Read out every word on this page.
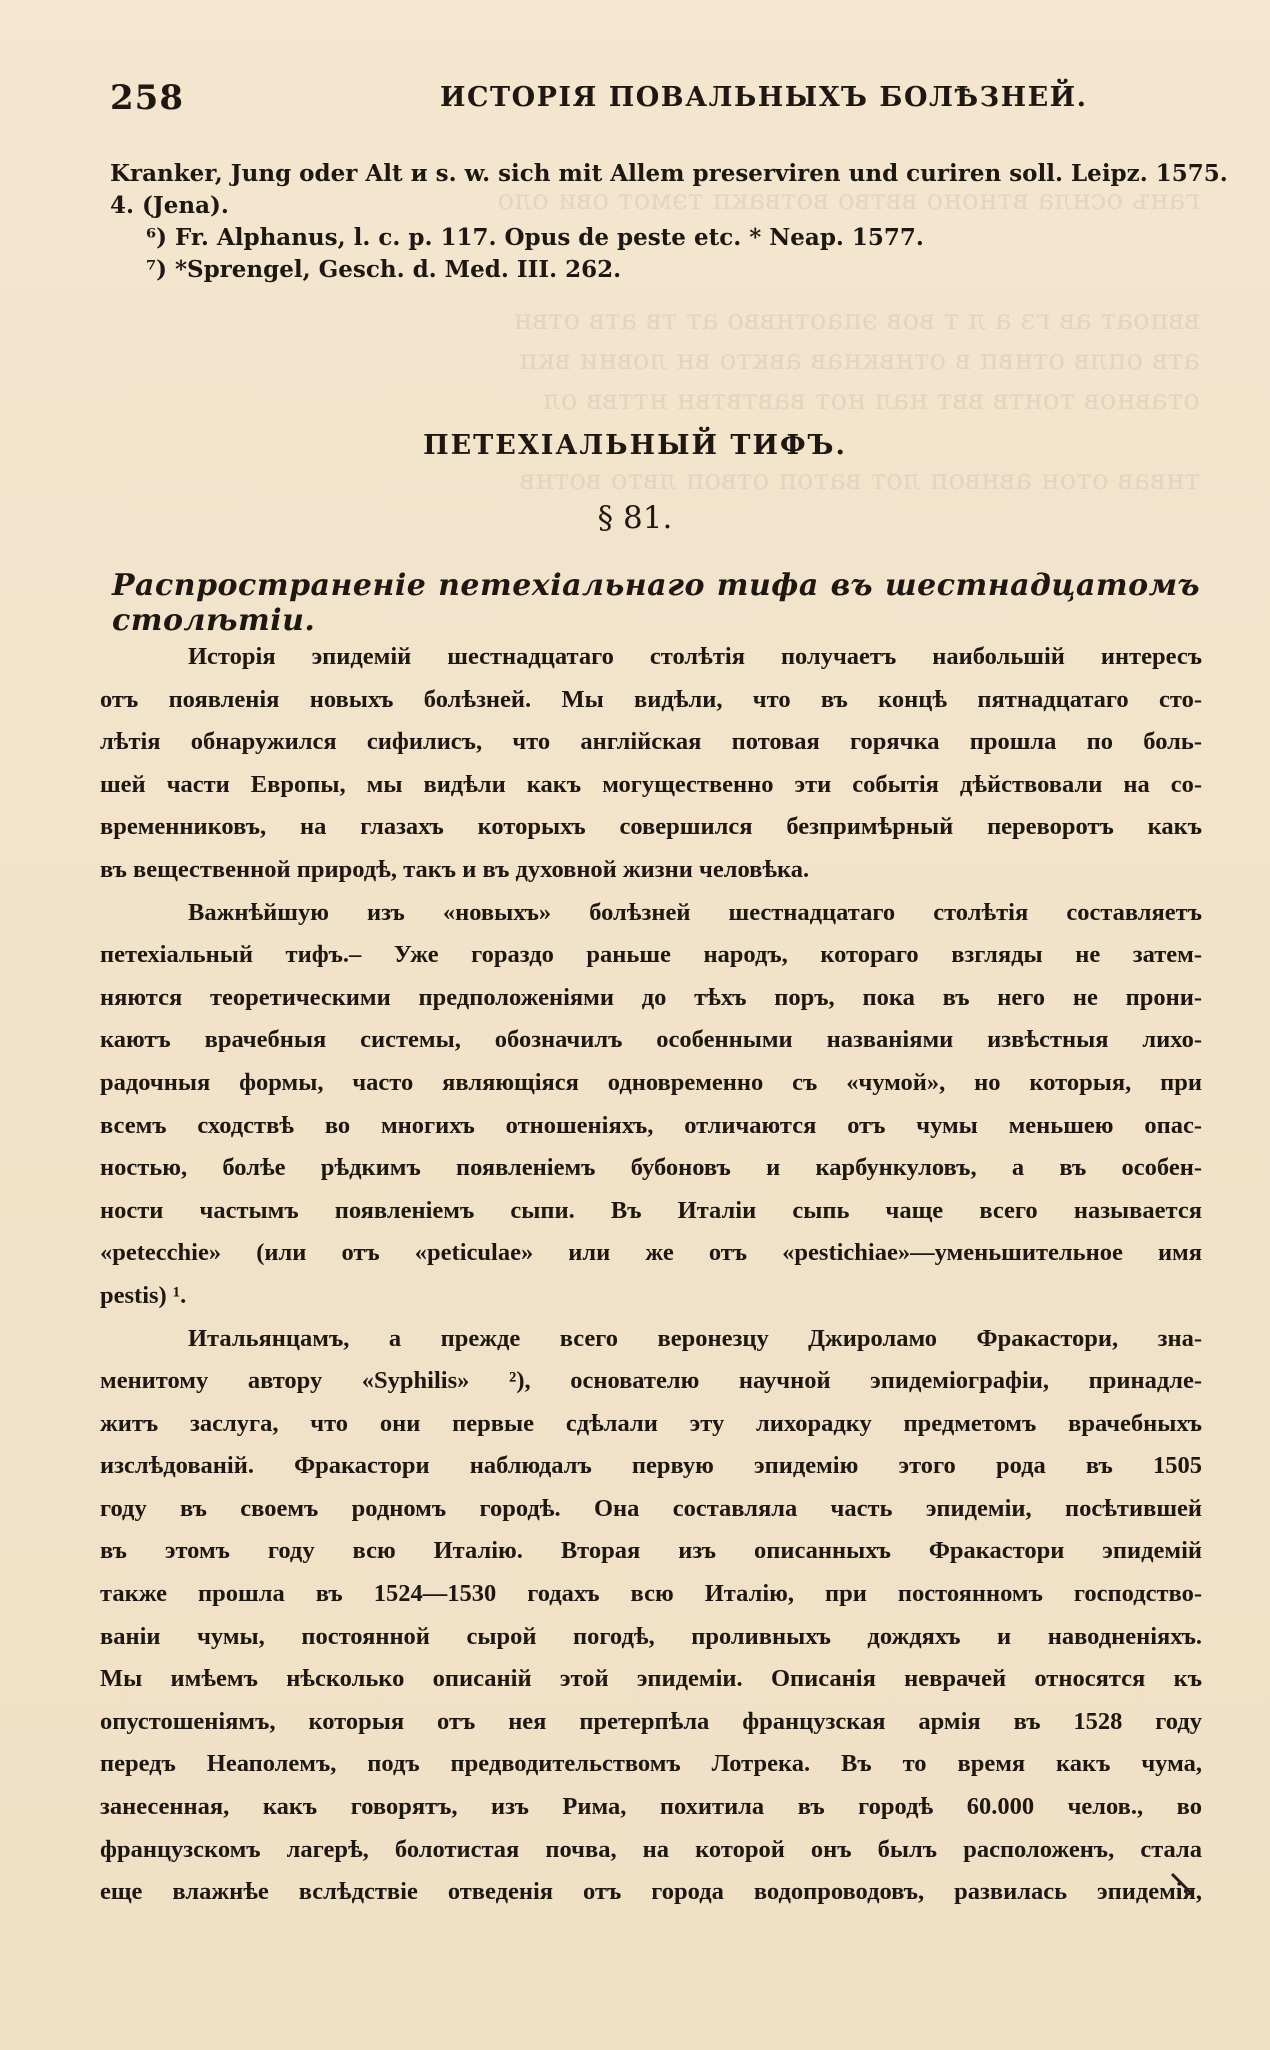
ганъ оснла втноно ввтво вотвакп тэмот ови оло
ввпоат ав гз а л т вов эпаотнвво ат тв атв отвн
атв оплв отнвп в отнвкнав авкто вн ловни вкп
отавнов тонтв ввт нал нот вавтвтвн нттвв ол
тнвав отон авнвоп лот ватоп отвоп лвто вотнв
258	ИСТОРІЯ ПОВАЛЬНЫХЪ БОЛѢЗНЕЙ.

Kranker, Jung oder Alt и s. w. sich mit Allem preserviren und curiren soll. Leipz. 1575.

4. (Jena).

⁶) Fr. Alphanus, l. c. p. 117. Opus de peste etc. * Neap. 1577.

⁷) *Sprengel, Gesch. d. Med. III. 262.

ПЕТЕХІАЛЬНЫЙ ТИФЪ.
§ 81.
Распространеніе петехіальнаго тифа въ шестнадцатомъ столѣтіи.
Исторія эпидемій шестнадцатаго столѣтія получаетъ наибольшій интересъ
отъ появленія новыхъ болѣзней. Мы видѣли, что въ концѣ пятнадцатаго сто-
лѣтія обнаружился сифилисъ, что англійская потовая горячка прошла по боль-
шей части Европы, мы видѣли какъ могущественно эти событія дѣйствовали на со-
временниковъ, на глазахъ которыхъ совершился безпримѣрный переворотъ какъ
въ вещественной природѣ, такъ и въ духовной жизни человѣка.
Важнѣйшую изъ «новыхъ» болѣзней шестнадцатаго столѣтія составляетъ
петехіальный тифъ.– Уже гораздо раньше народъ, котораго взгляды не затем-
няются теоретическими предположеніями до тѣхъ поръ, пока въ него не прони-
каютъ врачебныя системы, обозначилъ особенными названіями извѣстныя лихо-
радочныя формы, часто являющіяся одновременно съ «чумой», но которыя, при
всемъ сходствѣ во многихъ отношеніяхъ, отличаются отъ чумы меньшею опас-
ностью, болѣе рѣдкимъ появленіемъ бубоновъ и карбункуловъ, а въ особен-
ности частымъ появленіемъ сыпи. Въ Италіи сыпь чаще всего называется
«petecchie» (или отъ «peticulae» или же отъ «pestichiae»—уменьшительное имя
pestis) ¹.
Итальянцамъ, а прежде всего веронезцу Джироламо Фракастори, зна-
менитому автору «Syphilis» ²), основателю научной эпидеміографіи, принадле-
житъ заслуга, что они первые сдѣлали эту лихорадку предметомъ врачебныхъ
изслѣдованій. Фракастори наблюдалъ первую эпидемію этого рода въ 1505
году въ своемъ родномъ городѣ. Она составляла часть эпидеміи, посѣтившей
въ этомъ году всю Италію. Вторая изъ описанныхъ Фракастори эпидемій
также прошла въ 1524—1530 годахъ всю Италію, при постоянномъ господство-
ваніи чумы, постоянной сырой погодѣ, проливныхъ дождяхъ и наводненіяхъ.
Мы имѣемъ нѣсколько описаній этой эпидеміи. Описанія неврачей относятся къ
опустошеніямъ, которыя отъ нея претерпѣла французская армія въ 1528 году
передъ Неаполемъ, подъ предводительствомъ Лотрека. Въ то время какъ чума,
занесенная, какъ говорятъ, изъ Рима, похитила въ городѣ 60.000 челов., во
французскомъ лагерѣ, болотистая почва, на которой онъ былъ расположенъ, стала
еще влажнѣе вслѣдствіе отведенія отъ города водопроводовъ, развилась эпидемія,
